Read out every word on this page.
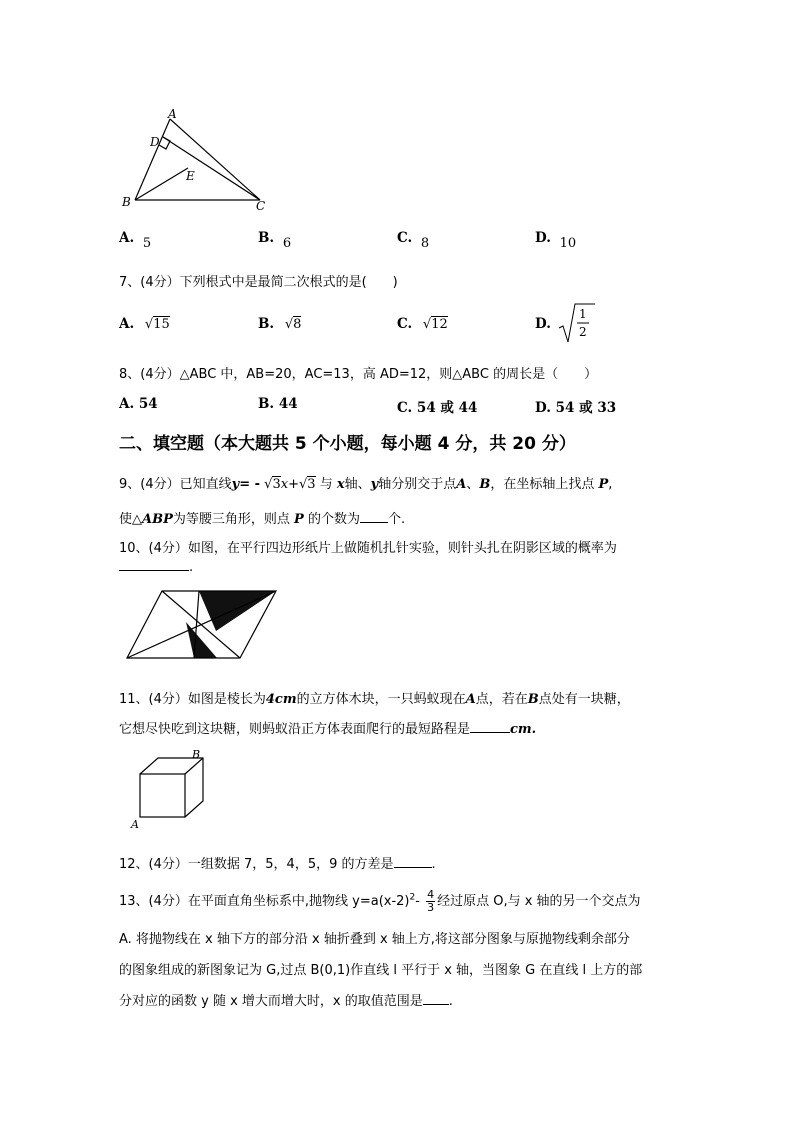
A
D
E
B	C
A. 5	B. 6	C. 8	D. 10
7、(4分）下列根式中是最简二次根式的是(　　)
A. √15	B. √8	C. √12	D.
1
2
8、(4分）△ABC 中，AB=20，AC=13，高 AD=12，则△ABC 的周长是（　　）
A. 54	B. 44	C. 54 或 44	D. 54 或 33
二、填空题（本大题共 5 个小题，每小题 4 分，共 20 分）
9、(4分）已知直线y= - √3x+√3 与 x轴、y轴分别交于点A、B，在坐标轴上找点 P,
使△ABP为等腰三角形，则点 P 的个数为 个.
10、(4分）如图，在平行四边形纸片上做随机扎针实验，则针头扎在阴影区域的概率为
.
11、(4分）如图是棱长为4cm的立方体木块，一只蚂蚁现在A点，若在B点处有一块糖，
它想尽快吃到这块糖，则蚂蚁沿正方体表面爬行的最短路程是	cm.
B
A
12、(4分）一组数据 7，5，4，5，9 的方差是	.
13、(4分）在平面直角坐标系中,抛物线 $y=a(x-2)^2- \frac{4}{3}$ 经过原点 O,与 x 轴的另一个交点为
A. 将抛物线在 x 轴下方的部分沿 x 轴折叠到 x 轴上方,将这部分图象与原抛物线剩余部分
的图象组成的新图象记为 G,过点 B(0,1)作直线 l 平行于 x 轴，当图象 G 在直线 l 上方的部
分对应的函数 y 随 x 增大而增大时，x 的取值范围是 .
